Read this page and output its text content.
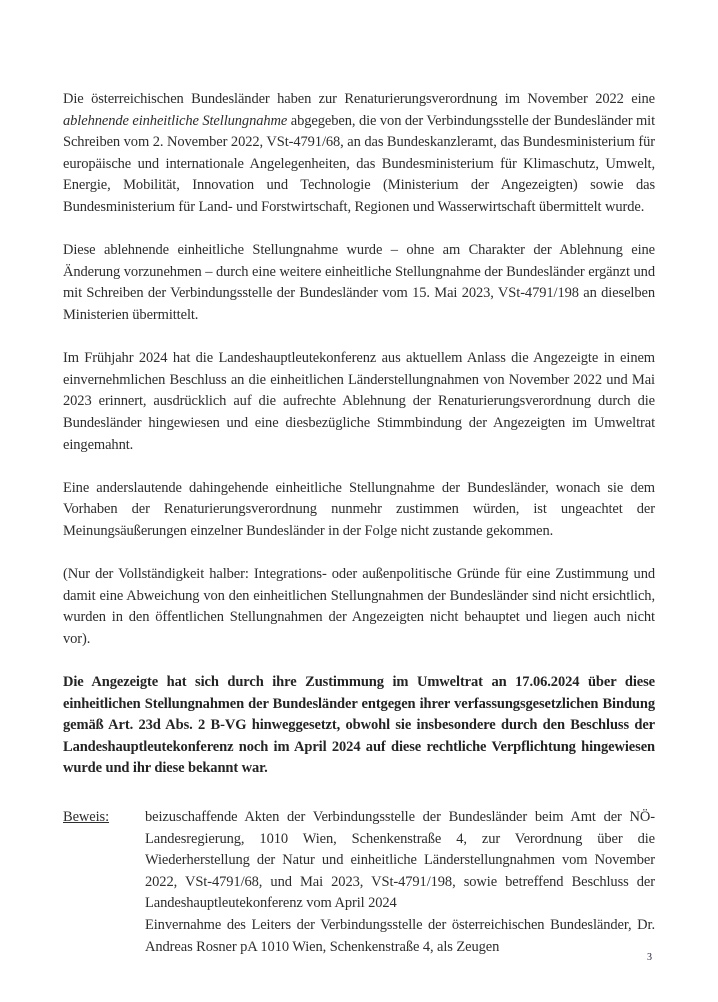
Die österreichischen Bundesländer haben zur Renaturierungsverordnung im November 2022 eine ablehnende einheitliche Stellungnahme abgegeben, die von der Verbindungsstelle der Bundesländer mit Schreiben vom 2. November 2022, VSt-4791/68, an das Bundeskanzleramt, das Bundesministerium für europäische und internationale Angelegenheiten, das Bundesministerium für Klimaschutz, Umwelt, Energie, Mobilität, Innovation und Technologie (Ministerium der Angezeigten) sowie das Bundesministerium für Land- und Forstwirtschaft, Regionen und Wasserwirtschaft übermittelt wurde.

Diese ablehnende einheitliche Stellungnahme wurde – ohne am Charakter der Ablehnung eine Änderung vorzunehmen – durch eine weitere einheitliche Stellungnahme der Bundesländer ergänzt und mit Schreiben der Verbindungsstelle der Bundesländer vom 15. Mai 2023, VSt-4791/198 an dieselben Ministerien übermittelt.

Im Frühjahr 2024 hat die Landeshauptleutekonferenz aus aktuellem Anlass die Angezeigte in einem einvernehmlichen Beschluss an die einheitlichen Länderstellungnahmen von November 2022 und Mai 2023 erinnert, ausdrücklich auf die aufrechte Ablehnung der Renaturierungsverordnung durch die Bundesländer hingewiesen und eine diesbezügliche Stimmbindung der Angezeigten im Umweltrat eingemahnt.

Eine anderslautende dahingehende einheitliche Stellungnahme der Bundesländer, wonach sie dem Vorhaben der Renaturierungsverordnung nunmehr zustimmen würden, ist ungeachtet der Meinungsäußerungen einzelner Bundesländer in der Folge nicht zustande gekommen.

(Nur der Vollständigkeit halber: Integrations- oder außenpolitische Gründe für eine Zustimmung und damit eine Abweichung von den einheitlichen Stellungnahmen der Bundesländer sind nicht ersichtlich, wurden in den öffentlichen Stellungnahmen der Angezeigten nicht behauptet und liegen auch nicht vor).

Die Angezeigte hat sich durch ihre Zustimmung im Umweltrat an 17.06.2024 über diese einheitlichen Stellungnahmen der Bundesländer entgegen ihrer verfassungsgesetzlichen Bindung gemäß Art. 23d Abs. 2 B-VG hinweggesetzt, obwohl sie insbesondere durch den Beschluss der Landeshauptleutekonferenz noch im April 2024 auf diese rechtliche Verpflichtung hingewiesen wurde und ihr diese bekannt war.

Beweis:	beizuschaffende Akten der Verbindungsstelle der Bundesländer beim Amt der NÖ-Landesregierung, 1010 Wien, Schenkenstraße 4, zur Verordnung über die Wiederherstellung der Natur und einheitliche Länderstellungnahmen vom November 2022, VSt-4791/68, und Mai 2023, VSt-4791/198, sowie betreffend Beschluss der Landeshauptleutekonferenz vom April 2024

Einvernahme des Leiters der Verbindungsstelle der österreichischen Bundesländer, Dr. Andreas Rosner pA 1010 Wien, Schenkenstraße 4, als Zeugen

3
